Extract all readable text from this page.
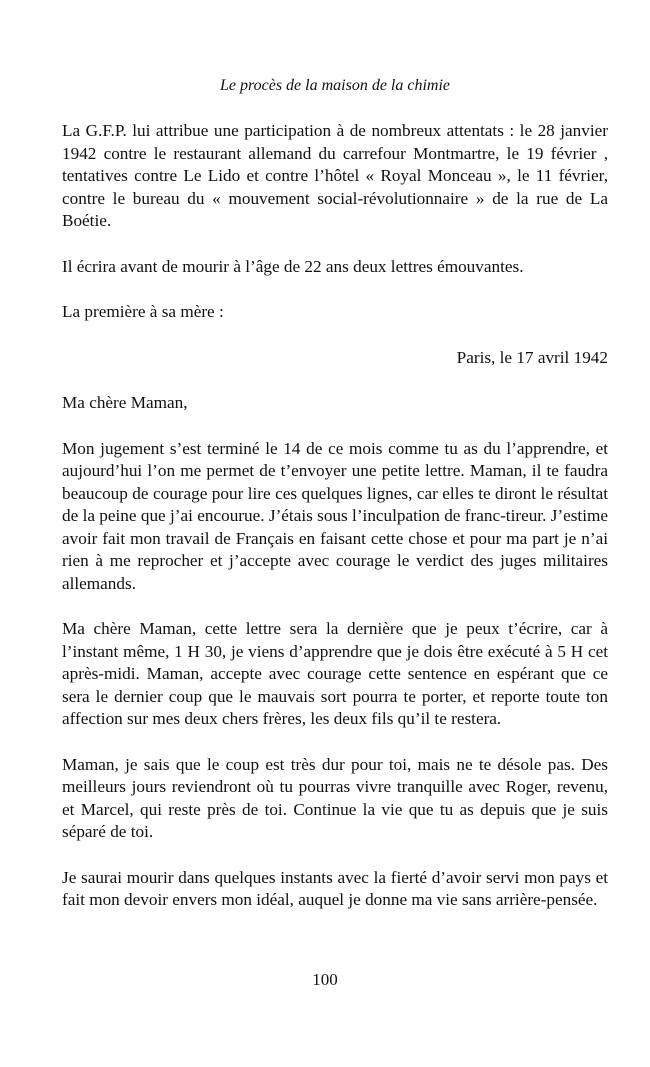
Le procès de la maison de la chimie

La G.F.P. lui attribue une participation à de nombreux attentats : le 28 janvier 1942 contre le restaurant allemand du carrefour Montmartre, le 19 février , tentatives contre Le Lido et contre l’hôtel « Royal Monceau », le 11 février, contre le bureau du « mouvement social-révolutionnaire » de la rue de La Boétie.

Il écrira avant de mourir à l’âge de 22 ans deux lettres émouvantes.

La première à sa mère :

Paris, le 17 avril 1942

Ma chère Maman,

Mon jugement s’est terminé le 14 de ce mois comme tu as du l’apprendre, et aujourd’hui l’on me permet de t’envoyer une petite lettre. Maman, il te faudra beaucoup de courage pour lire ces quelques lignes, car elles te diront le résultat de la peine que j’ai encourue. J’étais sous l’inculpation de franc-tireur. J’estime avoir fait mon travail de Français en faisant cette chose et pour ma part je n’ai rien à me reprocher et j’accepte avec courage le verdict des juges militaires allemands.

Ma chère Maman, cette lettre sera la dernière que je peux t’écrire, car à l’instant même, 1 H 30, je viens d’apprendre que je dois être exécuté à 5 H cet après-midi. Maman, accepte avec courage cette sentence en espérant que ce sera le dernier coup que le mauvais sort pourra te porter, et reporte toute ton affection sur mes deux chers frères, les deux fils qu’il te restera.

Maman, je sais que le coup est très dur pour toi, mais ne te désole pas. Des meilleurs jours reviendront où tu pourras vivre tranquille avec Roger, revenu, et Marcel, qui reste près de toi. Continue la vie que tu as depuis que je suis séparé de toi.

Je saurai mourir dans quelques instants avec la fierté d’avoir servi mon pays et fait mon devoir envers mon idéal, auquel je donne ma vie sans arrière-pensée.

100
